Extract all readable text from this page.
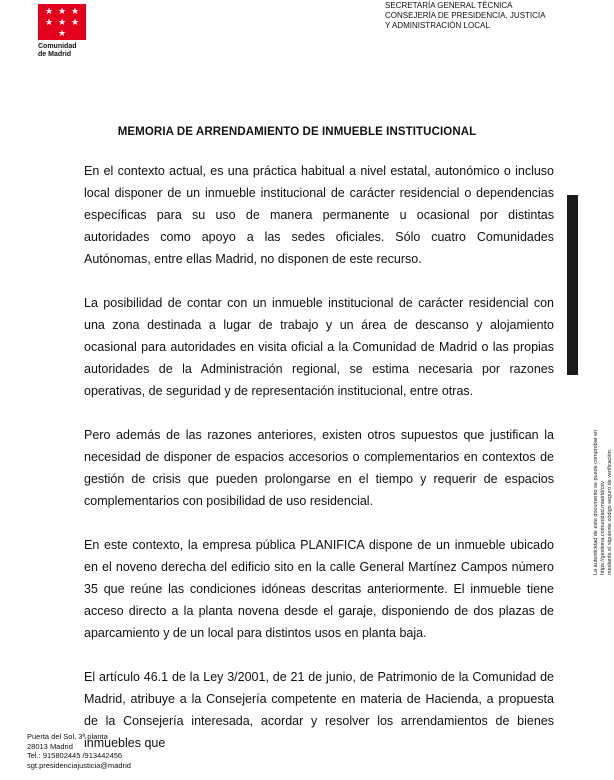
★ ★ ★
★ ★ ★
★
Comunidad de Madrid
SECRETARÍA GENERAL TÉCNICA
CONSEJERÍA DE PRESIDENCIA, JUSTICIA
Y ADMINISTRACIÓN LOCAL
MEMORIA DE ARRENDAMIENTO DE INMUEBLE INSTITUCIONAL

En el contexto actual, es una práctica habitual a nivel estatal, autonómico o incluso local disponer de un inmueble institucional de carácter residencial o dependencias específicas para su uso de manera permanente u ocasional por distintas autoridades como apoyo a las sedes oficiales. Sólo cuatro Comunidades Autónomas, entre ellas Madrid, no disponen de este recurso.

La posibilidad de contar con un inmueble institucional de carácter residencial con una zona destinada a lugar de trabajo y un área de descanso y alojamiento ocasional para autoridades en visita oficial a la Comunidad de Madrid o las propias autoridades de la Administración regional, se estima necesaria por razones operativas, de seguridad y de representación institucional, entre otras.

Pero además de las razones anteriores, existen otros supuestos que justifican la necesidad de disponer de espacios accesorios o complementarios en contextos de gestión de crisis que pueden prolongarse en el tiempo y requerir de espacios complementarios con posibilidad de uso residencial.

En este contexto, la empresa pública PLANIFICA dispone de un inmueble ubicado en el noveno derecha del edificio sito en la calle General Martínez Campos número 35 que reúne las condiciones idóneas descritas anteriormente. El inmueble tiene acceso directo a la planta novena desde el garaje, disponiendo de dos plazas de aparcamiento y de un local para distintos usos en planta baja.

El artículo 46.1 de la Ley 3/2001, de 21 de junio, de Patrimonio de la Comunidad de Madrid, atribuye a la Consejería competente en materia de Hacienda, a propuesta de la Consejería interesada, acordar y resolver los arrendamientos de bienes inmuebles que

La autenticidad de este documento se puede comprobar en https://gestiona.comunidad.madrid/csv mediante el siguiente código seguro de verificación:
Puerta del Sol, 3ª planta
28013 Madrid
Tel.: 915802445 /913442456
sgt.presidenciajusticia@madrid
